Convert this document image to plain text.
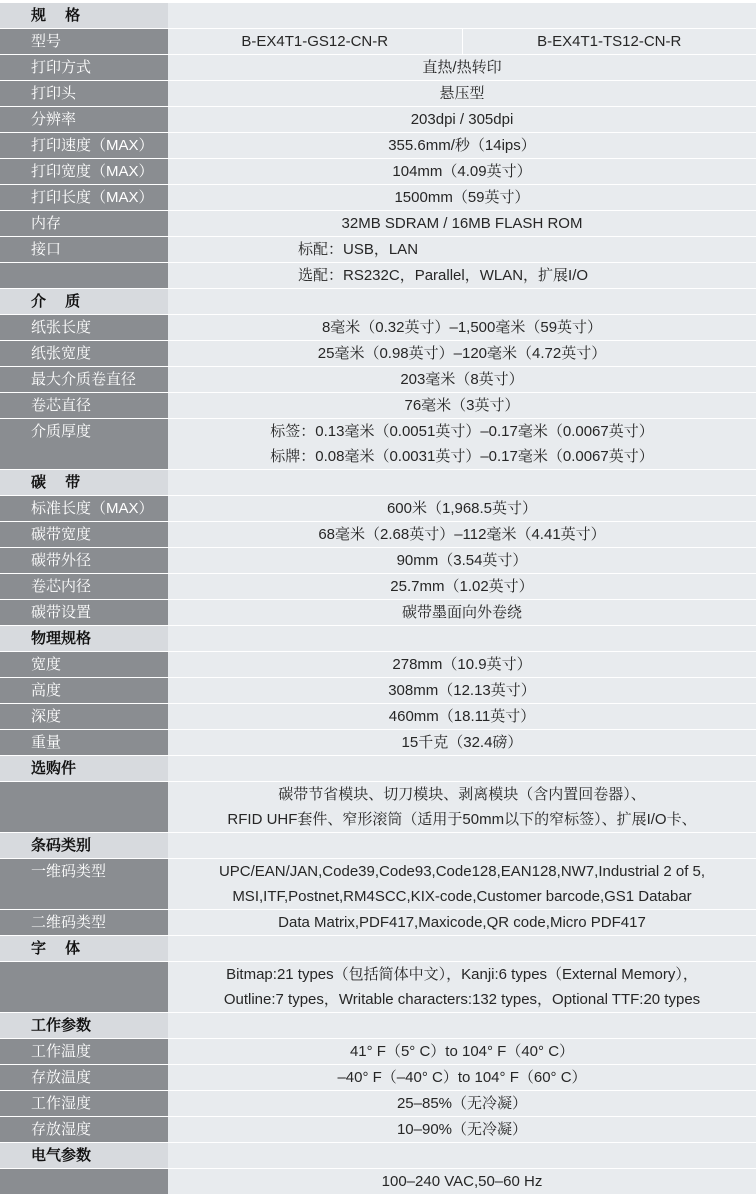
规　 格
型号	B-EX4T1-GS12-CN-R	B-EX4T1-TS12-CN-R
打印方式	直热/热转印
打印头	悬压型
分辨率	203dpi / 305dpi
打印速度（MAX）	355.6mm/秒（14ips）
打印宽度（MAX）	104mm（4.09英寸）
打印长度（MAX）	1500mm（59英寸）
内存	32MB SDRAM / 16MB FLASH ROM
接口	标配：USB，LAN
选配：RS232C，Parallel，WLAN，扩展I/O
介　 质
纸张长度	8毫米（0.32英寸）–1,500毫米（59英寸）
纸张宽度	25毫米（0.98英寸）–120毫米（4.72英寸）
最大介质卷直径	203毫米（8英寸）
卷芯直径	76毫米（3英寸）
介质厚度	标签：0.13毫米（0.0051英寸）–0.17毫米（0.0067英寸）
标牌：0.08毫米（0.0031英寸）–0.17毫米（0.0067英寸）
碳　 带
标准长度（MAX）	600米（1,968.5英寸）
碳带宽度	68毫米（2.68英寸）–112毫米（4.41英寸）
碳带外径	90mm（3.54英寸）
卷芯内径	25.7mm（1.02英寸）
碳带设置	碳带墨面向外卷绕
物理规格
宽度	278mm（10.9英寸）
高度	308mm（12.13英寸）
深度	460mm（18.11英寸）
重量	15千克（32.4磅）
选购件
碳带节省模块、切刀模块、剥离模块（含内置回卷器）、
RFID UHF套件、窄形滚筒（适用于50mm以下的窄标签）、扩展I/O卡、
条码类别
一维码类型	UPC/EAN/JAN,Code39,Code93,Code128,EAN128,NW7,Industrial 2 of 5,
MSI,ITF,Postnet,RM4SCC,KIX-code,Customer barcode,GS1 Databar
二维码类型	Data Matrix,PDF417,Maxicode,QR code,Micro PDF417
字　 体
Bitmap:21 types（包括简体中文），Kanji:6 types（External Memory），
Outline:7 types，Writable characters:132 types，Optional TTF:20 types
工作参数
工作温度	41° F（5° C）to 104° F（40° C）
存放温度	–40° F（–40° C）to 104° F（60° C）
工作湿度	25–85%（无冷凝）
存放湿度	10–90%（无冷凝）
电气参数
100–240 VAC,50–60 Hz
